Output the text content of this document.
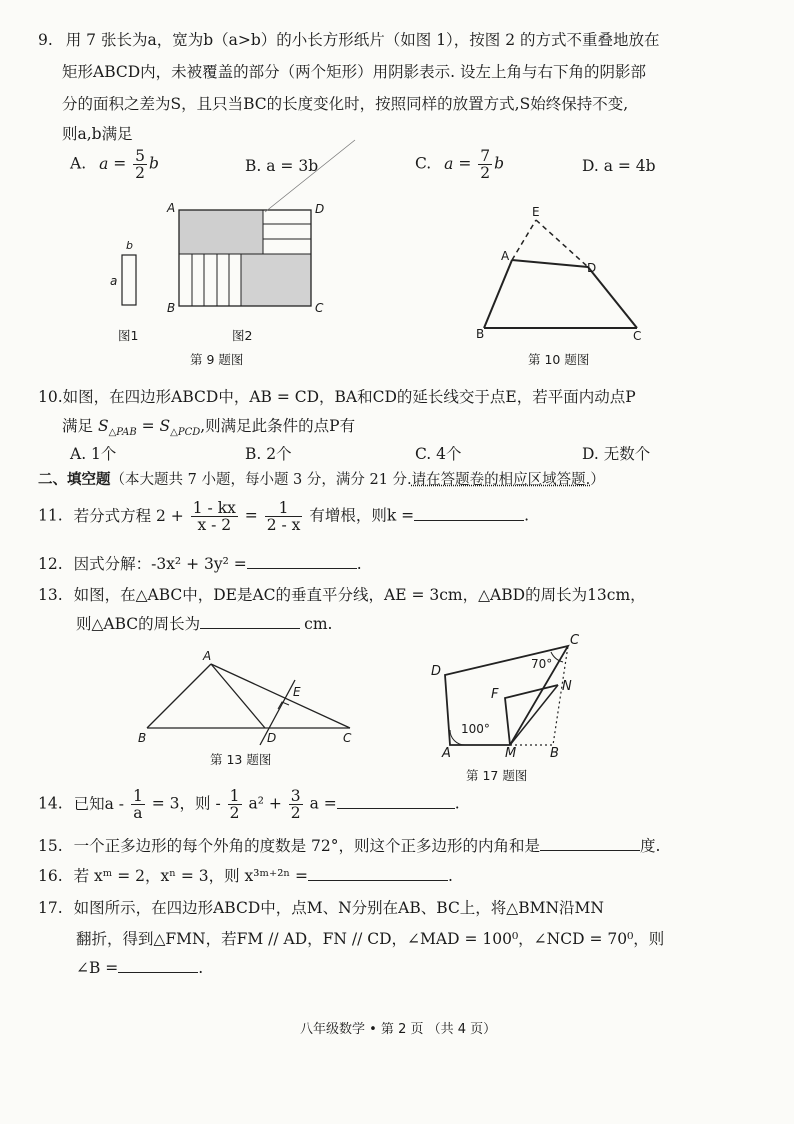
9. 用 7 张长为a，宽为b（a>b）的小长方形纸片（如图 1），按图 2 的方式不重叠地放在
矩形ABCD内，未被覆盖的部分（两个矩形）用阴影表示. 设左上角与右下角的阴影部
分的面积之差为S，且只当BC的长度变化时，按照同样的放置方式,S始终保持不变,
则a,b满足
A. $a = \frac{5}{2}$ b	B. a = 3b	C. $a = \frac{7}{2}$ b	D. a = 4b
b
a
图1
A	D
B	C
图2
第 9 题图
E
A
D
B	C
第 10 题图
10.如图，在四边形ABCD中，AB = CD，BA和CD的延长线交于点E，若平面内动点P
满足 $S_{\triangle PAB} = S_{\triangle PCD}$,则满足此条件的点P有
A. 1个	B. 2个	C. 4个	D. 无数个
二、填空题（本大题共 7 小题，每小题 3 分，满分 21 分.请在答题卷的相应区域答题.）
11. 若分式方程 $2 + \frac{1 - kx}{x - 2} = \frac{1}{2 - x}$ 有增根，则k =	.
12. 因式分解：-3x² + 3y² =	.
13. 如图，在△ABC中，DE是AC的垂直平分线，AE = 3cm，△ABD的周长为13cm，
则△ABC的周长为	cm.
A
E
B	D	C
第 13 题图
C
D	70°
N
F
100°
A	M	B
第 17 题图
14. 已知$a - \frac{1}{a} = 3$，则 - $\frac{1}{2} a^2 + \frac{3}{2}$ a =	.
15. 一个正多边形的每个外角的度数是 72°，则这个正多边形的内角和是	度.
16. 若 xᵐ = 2，xⁿ = 3，则 x³ᵐ⁺²ⁿ =	.
17. 如图所示，在四边形ABCD中，点M、N分别在AB、BC上，将△BMN沿MN
翻折，得到△FMN，若FM // AD，FN // CD，∠MAD = 100⁰，∠NCD = 70⁰，则
∠B =	.
八年级数学 • 第 2 页 （共 4 页）
